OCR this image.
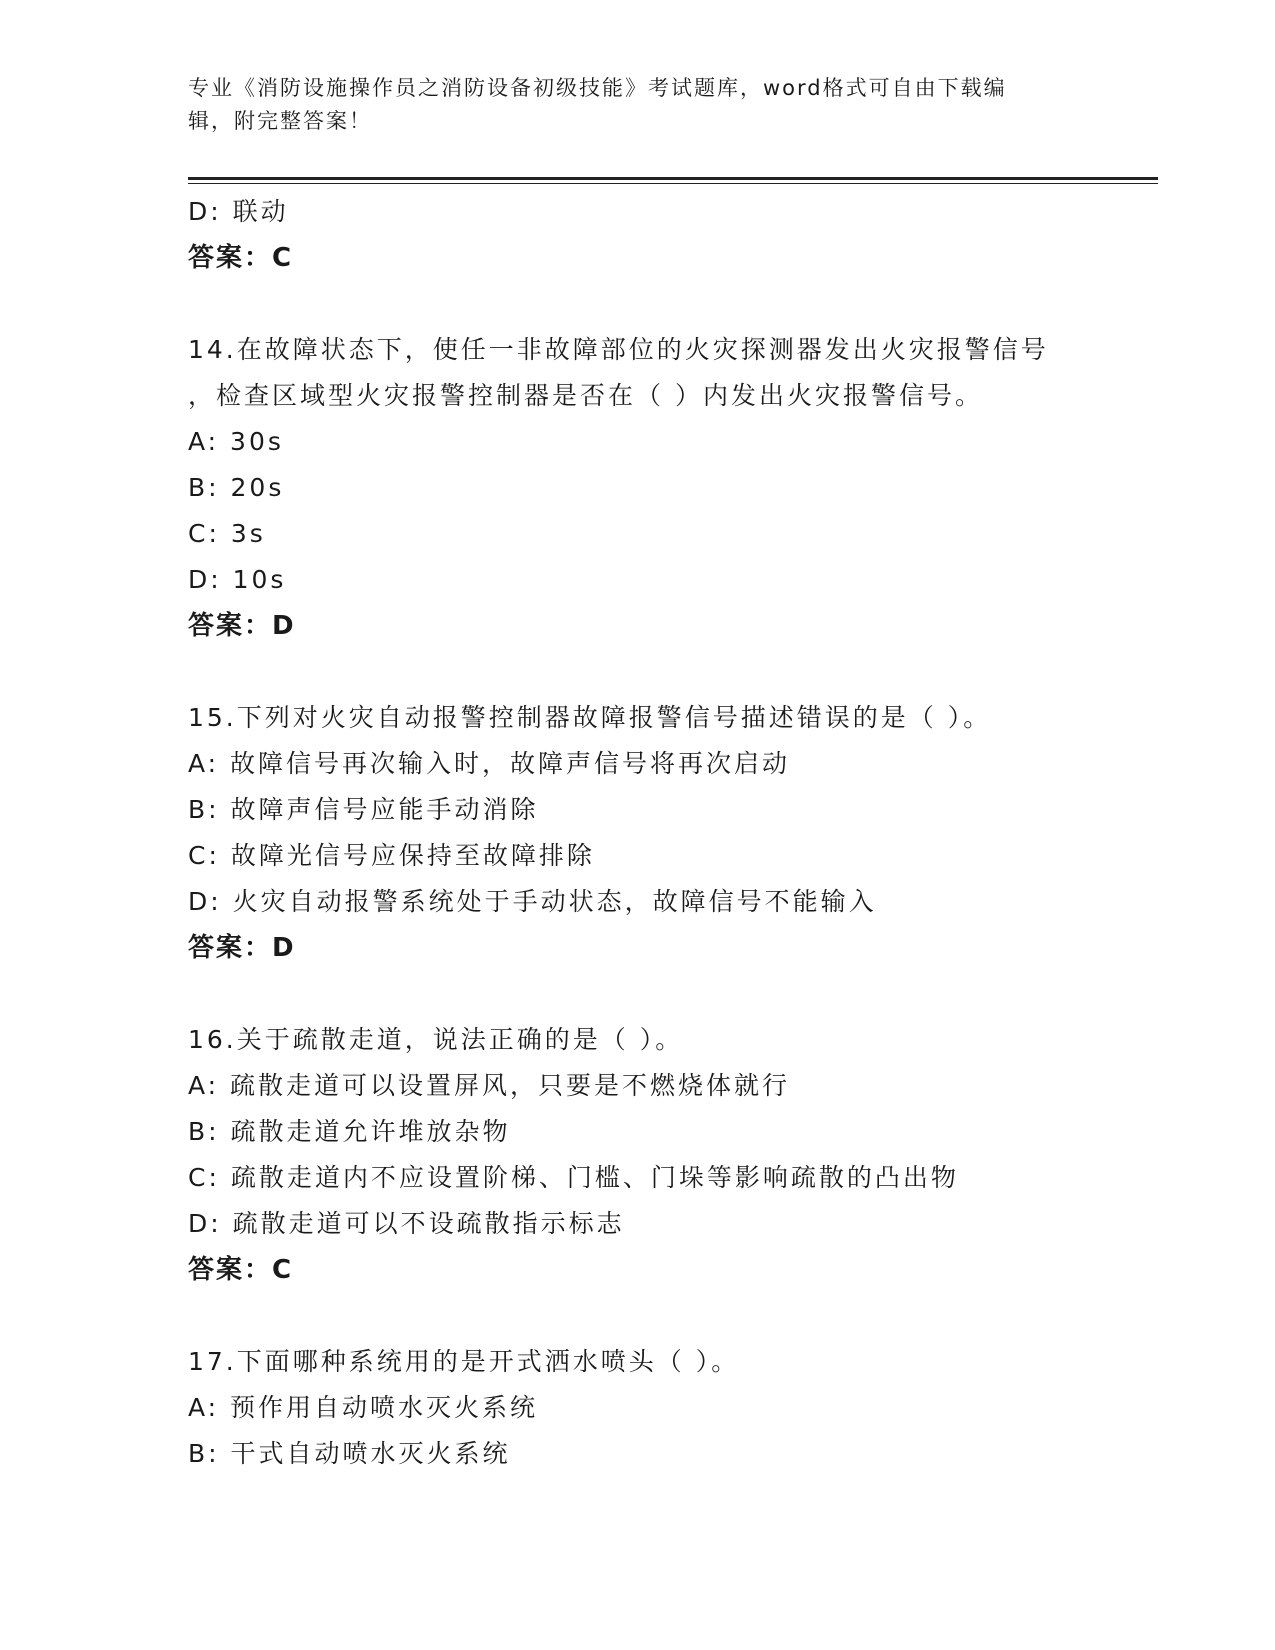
专业《消防设施操作员之消防设备初级技能》考试题库，word格式可自由下载编
辑，附完整答案！
D: 联动
答案：C
14.在故障状态下，使任一非故障部位的火灾探测器发出火灾报警信号
，检查区域型火灾报警控制器是否在（ ）内发出火灾报警信号。
A: 30s
B: 20s
C: 3s
D: 10s
答案：D
15.下列对火灾自动报警控制器故障报警信号描述错误的是（ ）。
A: 故障信号再次输入时，故障声信号将再次启动
B: 故障声信号应能手动消除
C: 故障光信号应保持至故障排除
D: 火灾自动报警系统处于手动状态，故障信号不能输入
答案：D
16.关于疏散走道，说法正确的是（ ）。
A: 疏散走道可以设置屏风，只要是不燃烧体就行
B: 疏散走道允许堆放杂物
C: 疏散走道内不应设置阶梯、门槛、门垛等影响疏散的凸出物
D: 疏散走道可以不设疏散指示标志
答案：C
17.下面哪种系统用的是开式洒水喷头（ ）。
A: 预作用自动喷水灭火系统
B: 干式自动喷水灭火系统
